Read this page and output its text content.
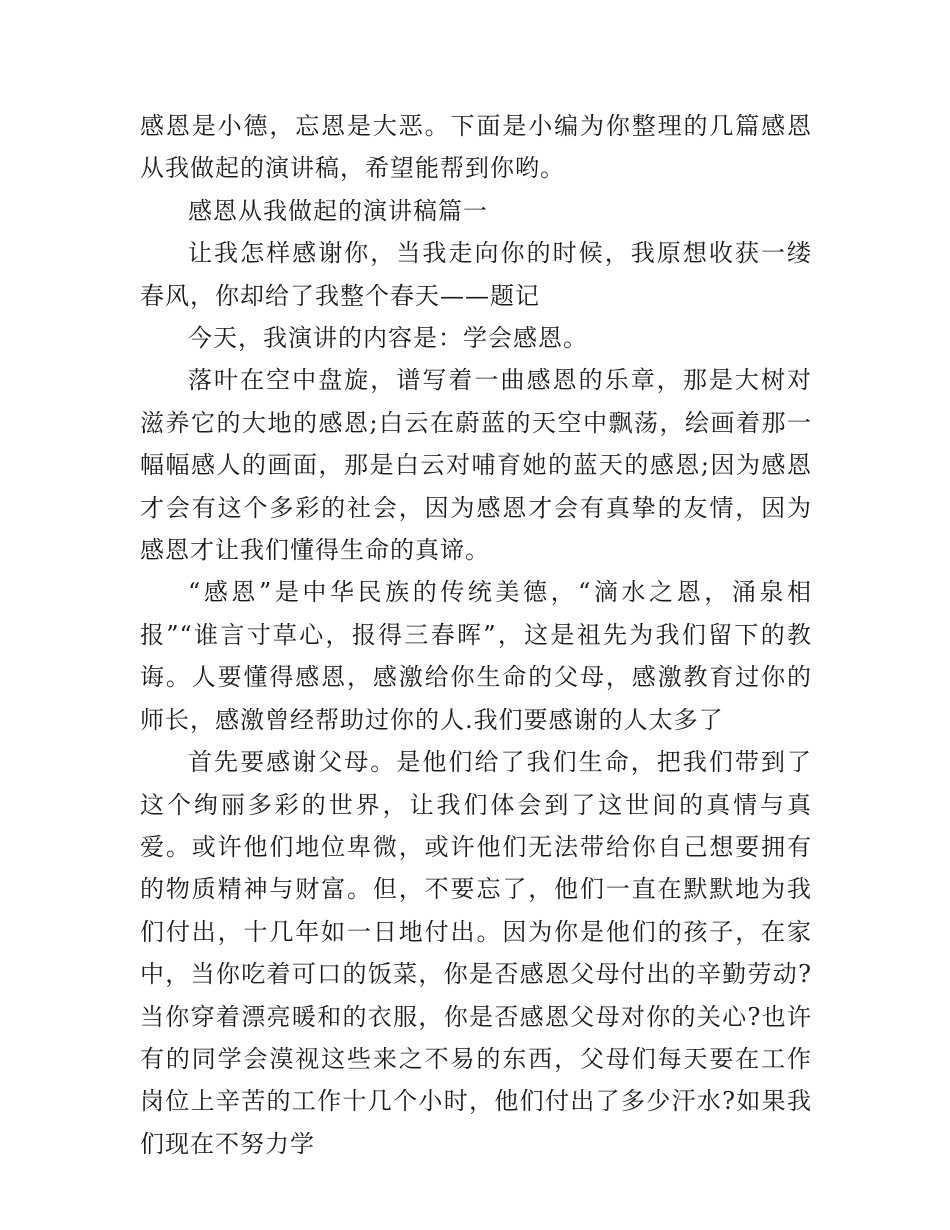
感恩是小德，忘恩是大恶。下面是小编为你整理的几篇感恩从我做起的演讲稿，希望能帮到你哟。

感恩从我做起的演讲稿篇一

让我怎样感谢你，当我走向你的时候，我原想收获一缕春风，你却给了我整个春天——题记

今天，我演讲的内容是：学会感恩。

落叶在空中盘旋，谱写着一曲感恩的乐章，那是大树对滋养它的大地的感恩;白云在蔚蓝的天空中飘荡，绘画着那一幅幅感人的画面，那是白云对哺育她的蓝天的感恩;因为感恩才会有这个多彩的社会，因为感恩才会有真挚的友情，因为感恩才让我们懂得生命的真谛。

“感恩”是中华民族的传统美德，“滴水之恩，涌泉相报”“谁言寸草心，报得三春晖”，这是祖先为我们留下的教诲。人要懂得感恩，感激给你生命的父母，感激教育过你的师长，感激曾经帮助过你的人.我们要感谢的人太多了

首先要感谢父母。是他们给了我们生命，把我们带到了这个绚丽多彩的世界，让我们体会到了这世间的真情与真爱。或许他们地位卑微，或许他们无法带给你自己想要拥有的物质精神与财富。但，不要忘了，他们一直在默默地为我们付出，十几年如一日地付出。因为你是他们的孩子，在家中，当你吃着可口的饭菜，你是否感恩父母付出的辛勤劳动?当你穿着漂亮暖和的衣服，你是否感恩父母对你的关心?也许有的同学会漠视这些来之不易的东西，父母们每天要在工作岗位上辛苦的工作十几个小时，他们付出了多少汗水?如果我们现在不努力学
